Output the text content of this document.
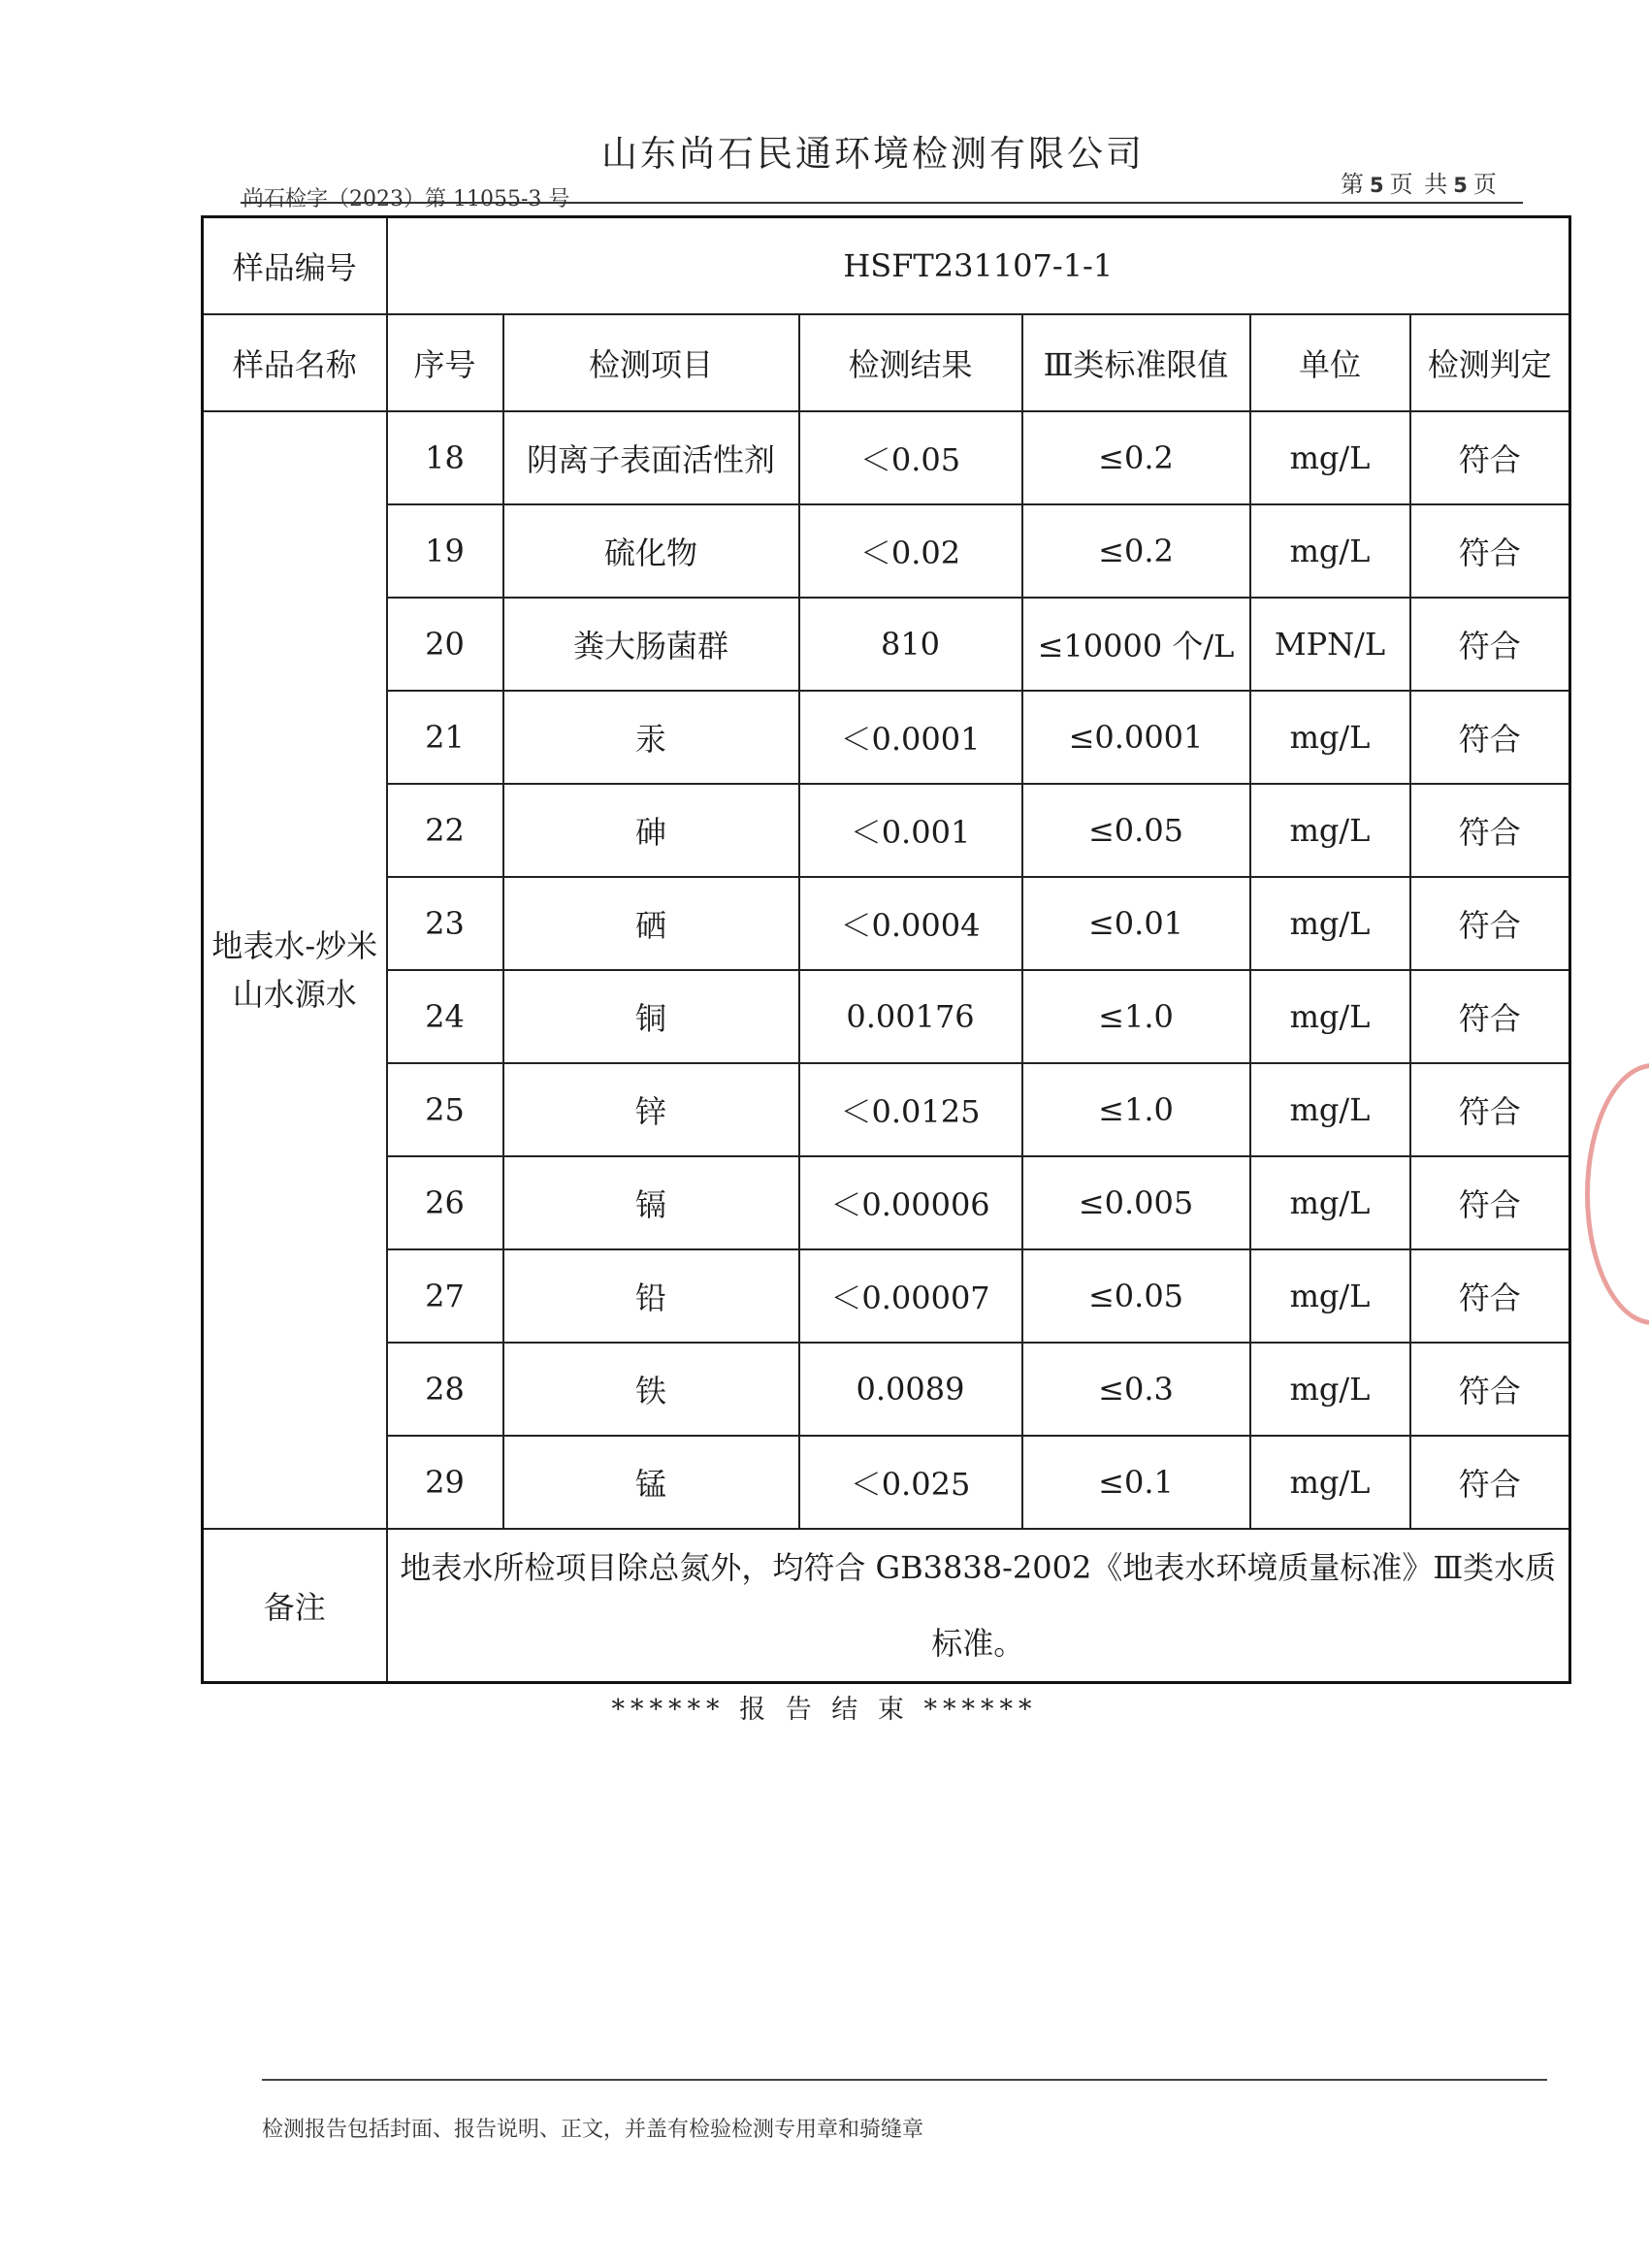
山东尚石民通环境检测有限公司
尚石检字（2023）第 11055-3 号
第 5 页 共 5 页
样品编号	HSFT231107-1-1					
样品名称	序号	检测项目	检测结果	Ⅲ类标准限值	单位	检测判定
地表水-炒米山水源水	18	阴离子表面活性剂	＜0.05	≤0.2	mg/L	符合
	19	硫化物	＜0.02	≤0.2	mg/L	符合
	20	粪大肠菌群	810	≤10000 个/L	MPN/L	符合
	21	汞	＜0.0001	≤0.0001	mg/L	符合
	22	砷	＜0.001	≤0.05	mg/L	符合
	23	硒	＜0.0004	≤0.01	mg/L	符合
	24	铜	0.00176	≤1.0	mg/L	符合
	25	锌	＜0.0125	≤1.0	mg/L	符合
	26	镉	＜0.00006	≤0.005	mg/L	符合
	27	铅	＜0.00007	≤0.05	mg/L	符合
	28	铁	0.0089	≤0.3	mg/L	符合
	29	锰	＜0.025	≤0.1	mg/L	符合
备注	地表水所检项目除总氮外，均符合 GB3838-2002《地表水环境质量标准》Ⅲ类水质标准。					
****** 报 告 结 束 ******
检测报告包括封面、报告说明、正文，并盖有检验检测专用章和骑缝章
